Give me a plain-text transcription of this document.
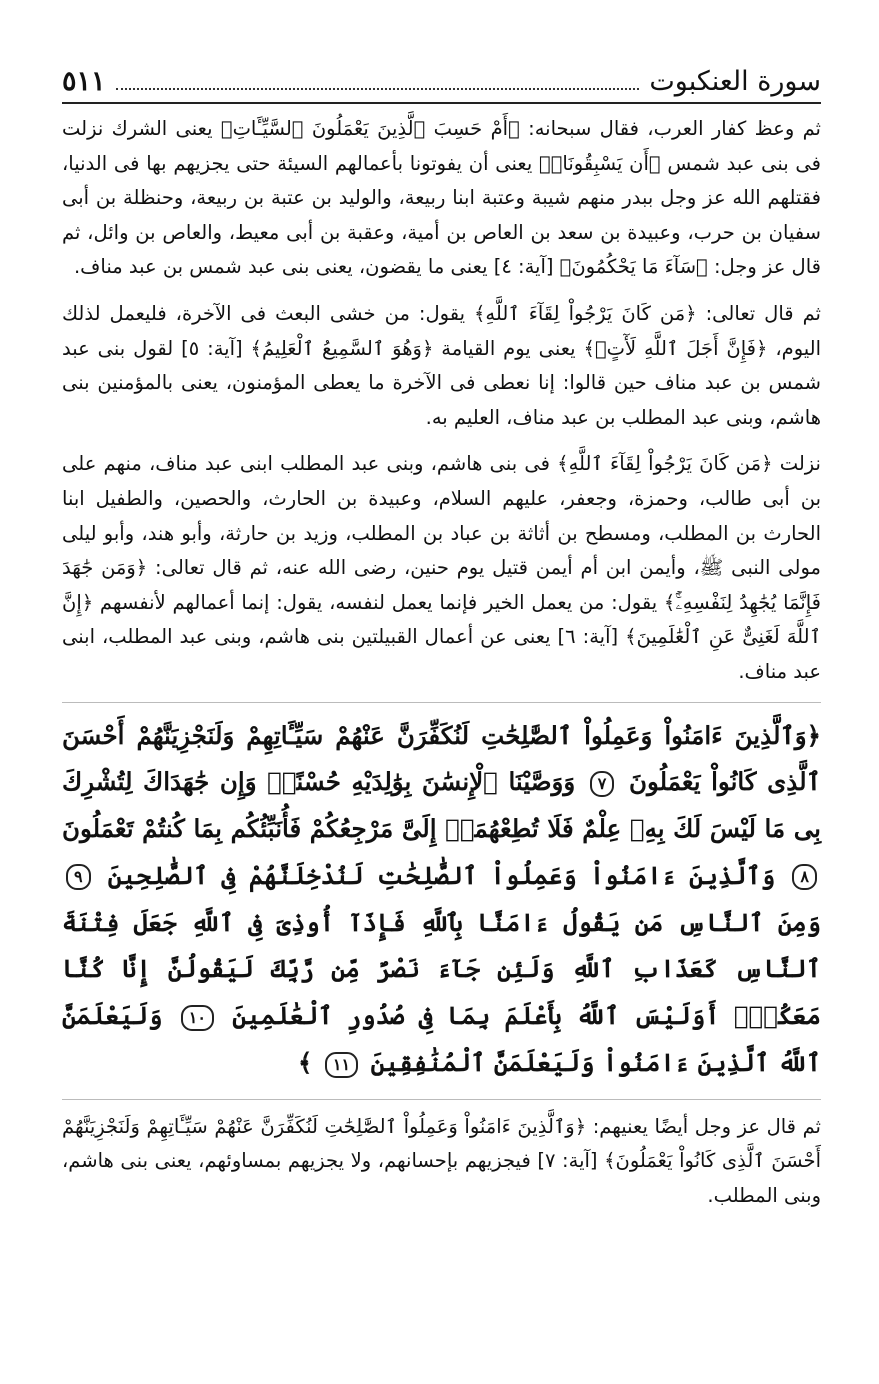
سورة العنكبوت
٥١١

ثم وعظ كفار العرب، فقال سبحانه: ﴿أَمْ حَسِبَ ٱلَّذِينَ يَعْمَلُونَ ٱلسَّيِّـَٔاتِ﴾ يعنى الشرك نزلت فى بنى عبد شمس ﴿أَن يَسْبِقُونَاۚ﴾ يعنى أن يفوتونا بأعمالهم السيئة حتى يجزيهم بها فى الدنيا، فقتلهم الله عز وجل ببدر منهم شيبة وعتبة ابنا ربيعة، والوليد بن عتبة بن ربيعة، وحنظلة بن أبى سفيان بن حرب، وعبيدة بن سعد بن العاص بن أمية، وعقبة بن أبى معيط، والعاص بن وائل، ثم قال عز وجل: ﴿سَآءَ مَا يَحْكُمُونَ﴾ [آية: ٤] يعنى ما يقضون، يعنى بنى عبد شمس بن عبد مناف.

ثم قال تعالى: ﴿مَن كَانَ يَرْجُواْ لِقَآءَ ٱللَّهِ﴾ يقول: من خشى البعث فى الآخرة، فليعمل لذلك اليوم، ﴿فَإِنَّ أَجَلَ ٱللَّهِ لَأٓتٍۚ﴾ يعنى يوم القيامة ﴿وَهُوَ ٱلسَّمِيعُ ٱلْعَلِيمُ﴾ [آية: ٥] لقول بنى عبد شمس بن عبد مناف حين قالوا: إنا نعطى فى الآخرة ما يعطى المؤمنون، يعنى بالمؤمنين بنى هاشم، وبنى عبد المطلب بن عبد مناف، العليم به.

نزلت ﴿مَن كَانَ يَرْجُواْ لِقَآءَ ٱللَّهِ﴾ فى بنى هاشم، وبنى عبد المطلب ابنى عبد مناف، منهم على بن أبى طالب، وحمزة، وجعفر، عليهم السلام، وعبيدة بن الحارث، والحصين، والطفيل ابنا الحارث بن المطلب، ومسطح بن أثاثة بن عباد بن المطلب، وزيد بن حارثة، وأبو هند، وأبو ليلى مولى النبى ﷺ، وأيمن ابن أم أيمن قتيل يوم حنين، رضى الله عنه، ثم قال تعالى: ﴿وَمَن جَٰهَدَ فَإِنَّمَا يُجَٰهِدُ لِنَفْسِهِۦٓۚ﴾ يقول: من يعمل الخير فإنما يعمل لنفسه، يقول: إنما أعمالهم لأنفسهم ﴿إِنَّ ٱللَّهَ لَغَنِىٌّ عَنِ ٱلْعَٰلَمِينَ﴾ [آية: ٦] يعنى عن أعمال القبيلتين بنى هاشم، وبنى عبد المطلب، ابنى عبد مناف.

﴿وَٱلَّذِينَ ءَامَنُواْ وَعَمِلُواْ ٱلصَّٰلِحَٰتِ لَنُكَفِّرَنَّ عَنْهُمْ سَيِّـَٔاتِهِمْ وَلَنَجْزِيَنَّهُمْ أَحْسَنَ ٱلَّذِى كَانُواْ يَعْمَلُونَ ٧ وَوَصَّيْنَا ٱلْإِنسَٰنَ بِوَٰلِدَيْهِ حُسْنًاۖ وَإِن جَٰهَدَاكَ لِتُشْرِكَ بِى مَا لَيْسَ لَكَ بِهِۦ عِلْمٌ فَلَا تُطِعْهُمَآۚ إِلَىَّ مَرْجِعُكُمْ فَأُنَبِّئُكُم بِمَا كُنتُمْ تَعْمَلُونَ ٨ وَٱلَّذِينَ ءَامَنُواْ وَعَمِلُواْ ٱلصَّٰلِحَٰتِ لَنُدْخِلَنَّهُمْ فِى ٱلصَّٰلِحِينَ ٩ وَمِنَ ٱلنَّاسِ مَن يَقُولُ ءَامَنَّا بِٱللَّهِ فَإِذَآ أُوذِىَ فِى ٱللَّهِ جَعَلَ فِتْنَةَ ٱلنَّاسِ كَعَذَابِ ٱللَّهِ وَلَئِن جَآءَ نَصْرٌ مِّن رَّبِّكَ لَيَقُولُنَّ إِنَّا كُنَّا مَعَكُمْۚ أَوَلَيْسَ ٱللَّهُ بِأَعْلَمَ بِمَا فِى صُدُورِ ٱلْعَٰلَمِينَ ١٠ وَلَيَعْلَمَنَّ ٱللَّهُ ٱلَّذِينَ ءَامَنُواْ وَلَيَعْلَمَنَّ ٱلْمُنَٰفِقِينَ ١١ ﴾

ثم قال عز وجل أيضًا يعنيهم: ﴿وَٱلَّذِينَ ءَامَنُواْ وَعَمِلُواْ ٱلصَّٰلِحَٰتِ لَنُكَفِّرَنَّ عَنْهُمْ سَيِّـَٔاتِهِمْ وَلَنَجْزِيَنَّهُمْ أَحْسَنَ ٱلَّذِى كَانُواْ يَعْمَلُونَ﴾ [آية: ٧] فيجزيهم بإحسانهم، ولا يجزيهم بمساوئهم، يعنى بنى هاشم، وبنى المطلب.
